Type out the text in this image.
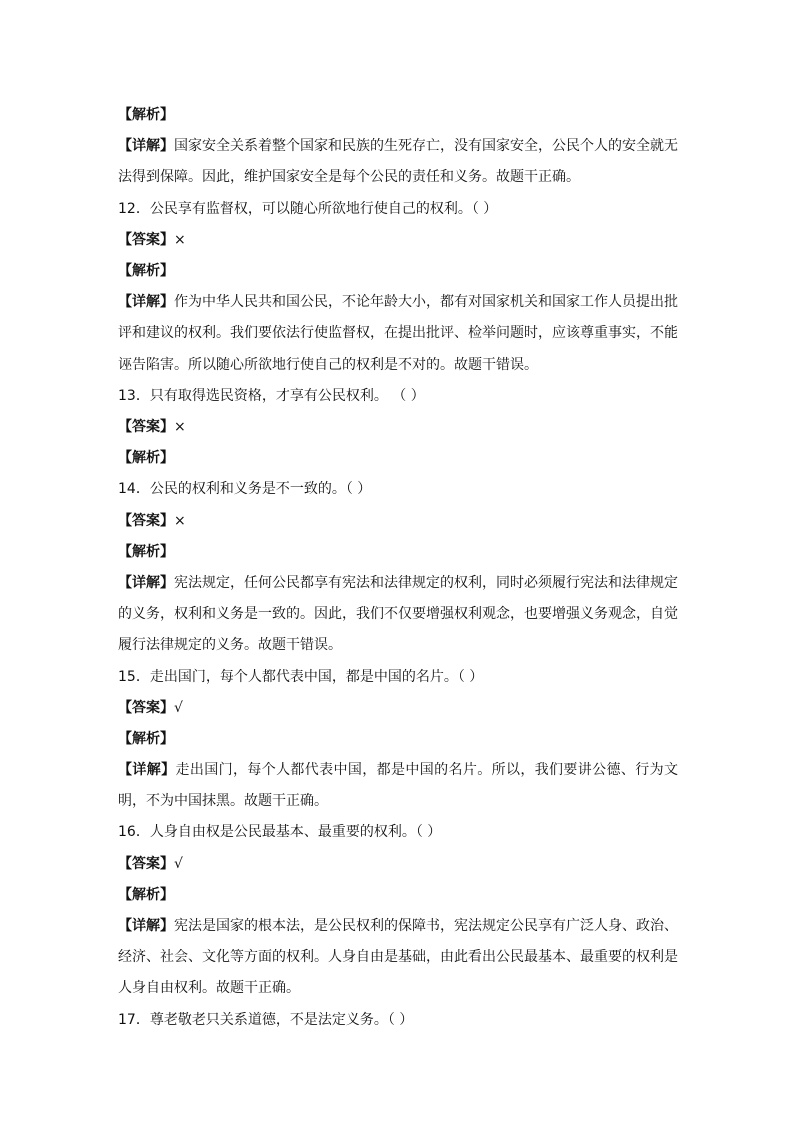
【解析】
【详解】国家安全关系着整个国家和民族的生死存亡，没有国家安全，公民个人的安全就无法得到保障。因此，维护国家安全是每个公民的责任和义务。故题干正确。
12．公民享有监督权，可以随心所欲地行使自己的权利。（ ）
【答案】×
【解析】
【详解】作为中华人民共和国公民，不论年龄大小，都有对国家机关和国家工作人员提出批评和建议的权利。我们要依法行使监督权，在提出批评、检举问题时，应该尊重事实，不能诬告陷害。所以随心所欲地行使自己的权利是不对的。故题干错误。
13．只有取得选民资格，才享有公民权利。 （ ）
【答案】×
【解析】
14．公民的权利和义务是不一致的。（ ）
【答案】×
【解析】
【详解】宪法规定，任何公民都享有宪法和法律规定的权利，同时必须履行宪法和法律规定的义务，权利和义务是一致的。因此，我们不仅要增强权利观念，也要增强义务观念，自觉履行法律规定的义务。故题干错误。
15．走出国门，每个人都代表中国，都是中国的名片。（ ）
【答案】√
【解析】
【详解】走出国门，每个人都代表中国，都是中国的名片。所以，我们要讲公德、行为文明，不为中国抹黑。故题干正确。
16．人身自由权是公民最基本、最重要的权利。（ ）
【答案】√
【解析】
【详解】宪法是国家的根本法，是公民权利的保障书，宪法规定公民享有广泛人身、政治、经济、社会、文化等方面的权利。人身自由是基础，由此看出公民最基本、最重要的权利是人身自由权利。故题干正确。
17．尊老敬老只关系道德，不是法定义务。（ ）
